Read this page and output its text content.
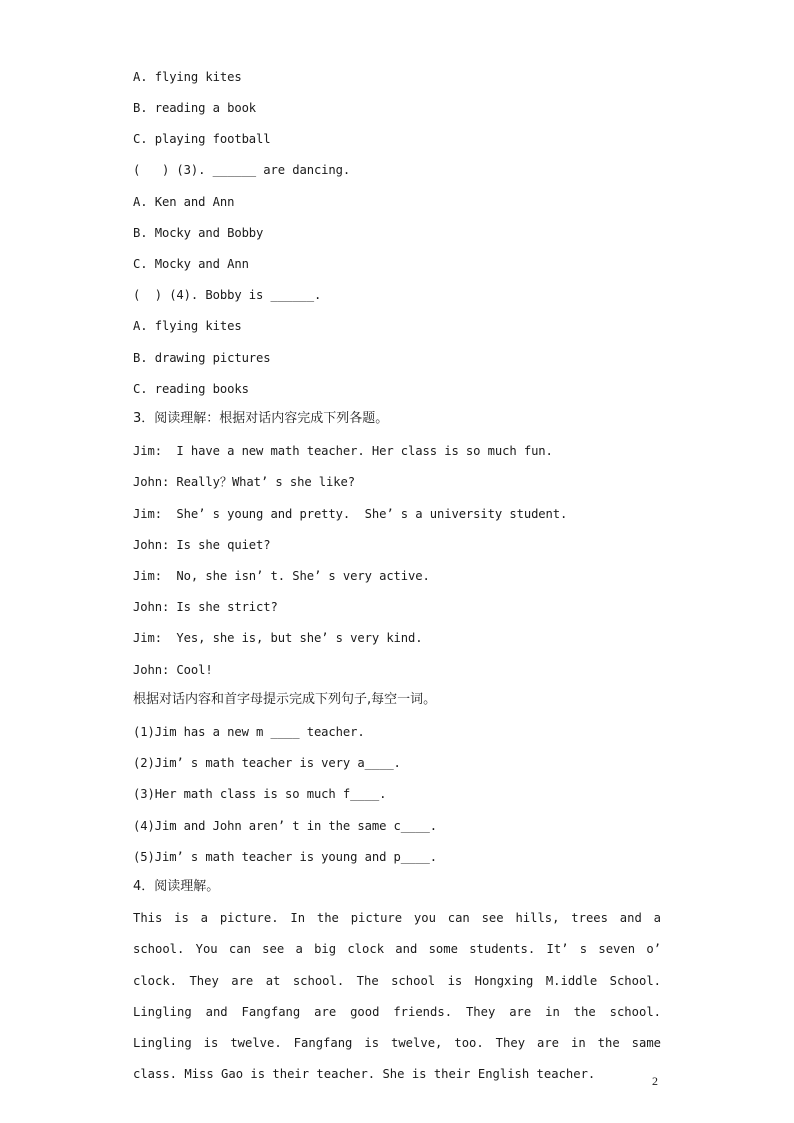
A. flying kites
B. reading a book
C. playing football
(   ) (3). ______ are dancing.
A. Ken and Ann
B. Mocky and Bobby
C. Mocky and Ann
(  ) (4). Bobby is ______.
A. flying kites
B. drawing pictures
C. reading books
3．阅读理解：根据对话内容完成下列各题。
Jim:  I have a new math teacher. Her class is so much fun.
John: Really？What’ s she like?
Jim:  She’ s young and pretty.  She’ s a university student.
John: Is she quiet?
Jim:  No, she isn’ t. She’ s very active.
John: Is she strict?
Jim:  Yes, she is, but she’ s very kind.
John: Cool!
根据对话内容和首字母提示完成下列句子,每空一词。
(1)Jim has a new m ____ teacher.
(2)Jim’ s math teacher is very a____.
(3)Her math class is so much f____.
(4)Jim and John aren’ t in the same c____.
(5)Jim’ s math teacher is young and p____.
4．阅读理解。
This is a picture. In the picture you can see hills, trees and a school. You can see a big clock and some students. It’ s seven o’ clock. They are at school. The school is Hongxing M.iddle School. Lingling and Fangfang are good friends. They are in the school. Lingling is twelve. Fangfang is twelve, too. They are in the same class. Miss Gao is their teacher. She is their English teacher.	2
